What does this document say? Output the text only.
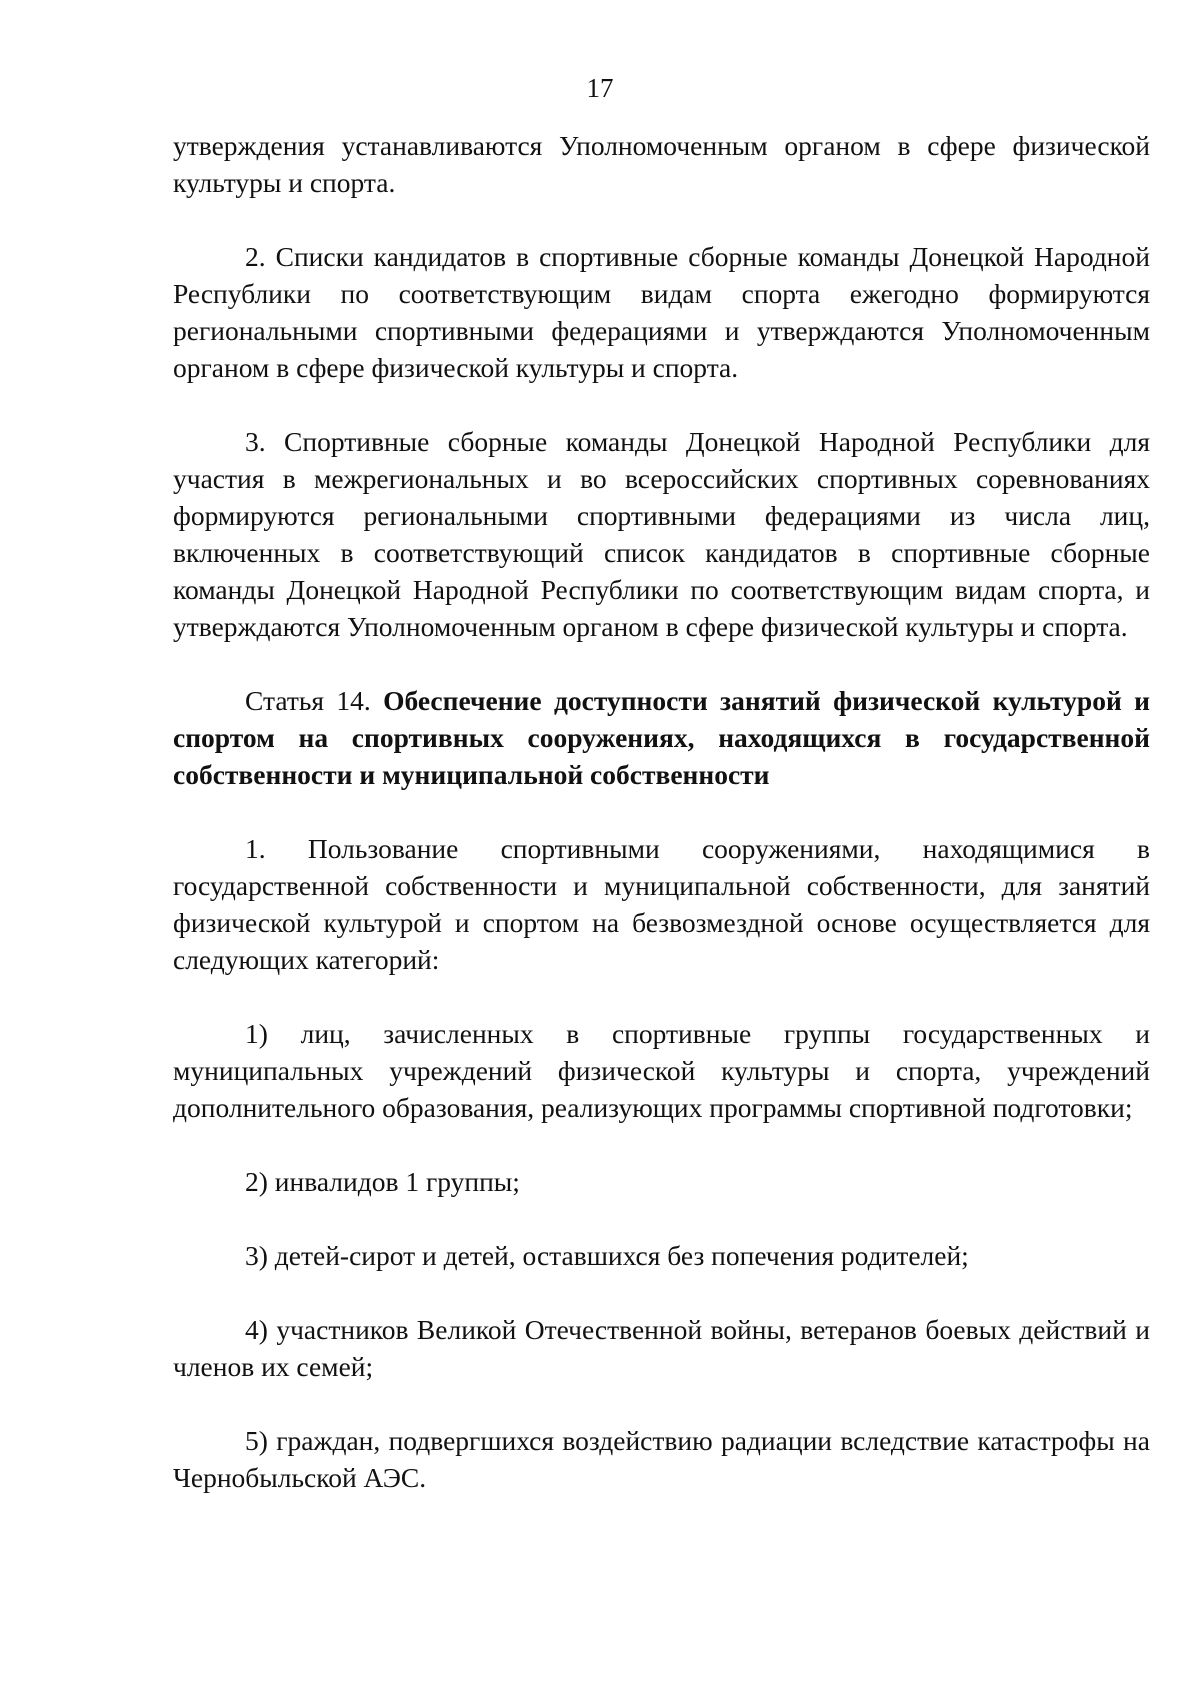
17

утверждения устанавливаются Уполномоченным органом в сфере физической культуры и спорта.

2. Списки кандидатов в спортивные сборные команды Донецкой Народной Республики по соответствующим видам спорта ежегодно формируются региональными спортивными федерациями и утверждаются Уполномоченным органом в сфере физической культуры и спорта.

3. Спортивные сборные команды Донецкой Народной Республики для участия в межрегиональных и во всероссийских спортивных соревнованиях формируются региональными спортивными федерациями из числа лиц, включенных в соответствующий список кандидатов в спортивные сборные команды Донецкой Народной Республики по соответствующим видам спорта, и утверждаются Уполномоченным органом в сфере физической культуры и спорта.

Статья 14. Обеспечение доступности занятий физической культурой и спортом на спортивных сооружениях, находящихся в государственной собственности и муниципальной собственности

1. Пользование спортивными сооружениями, находящимися в государственной собственности и муниципальной собственности, для занятий физической культурой и спортом на безвозмездной основе осуществляется для следующих категорий:

1) лиц, зачисленных в спортивные группы государственных и муниципальных учреждений физической культуры и спорта, учреждений дополнительного образования, реализующих программы спортивной подготовки;

2) инвалидов 1 группы;

3) детей-сирот и детей, оставшихся без попечения родителей;

4) участников Великой Отечественной войны, ветеранов боевых действий и членов их семей;

5) граждан, подвергшихся воздействию радиации вследствие катастрофы на Чернобыльской АЭС.
